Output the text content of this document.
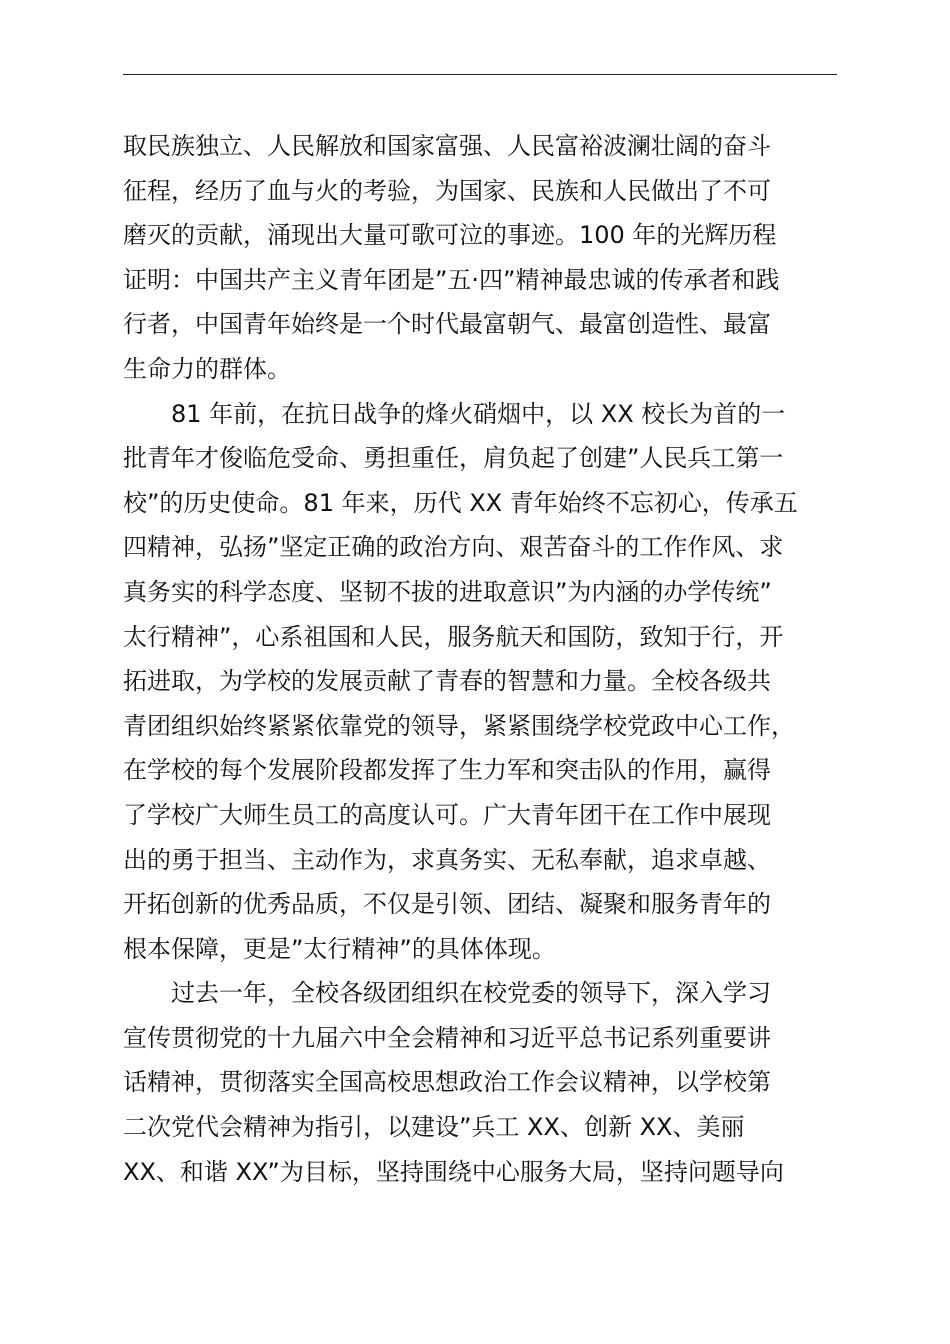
取民族独立、人民解放和国家富强、人民富裕波澜壮阔的奋斗
征程，经历了血与火的考验，为国家、民族和人民做出了不可
磨灭的贡献，涌现出大量可歌可泣的事迹。100 年的光辉历程
证明：中国共产主义青年团是”五·四”精神最忠诚的传承者和践
行者，中国青年始终是一个时代最富朝气、最富创造性、最富
生命力的群体。
81 年前，在抗日战争的烽火硝烟中，以 XX 校长为首的一
批青年才俊临危受命、勇担重任，肩负起了创建”人民兵工第一
校”的历史使命。81 年来，历代 XX 青年始终不忘初心，传承五
四精神，弘扬”坚定正确的政治方向、艰苦奋斗的工作作风、求
真务实的科学态度、坚韧不拔的进取意识”为内涵的办学传统”
太行精神”，心系祖国和人民，服务航天和国防，致知于行，开
拓进取，为学校的发展贡献了青春的智慧和力量。全校各级共
青团组织始终紧紧依靠党的领导，紧紧围绕学校党政中心工作，
在学校的每个发展阶段都发挥了生力军和突击队的作用，赢得
了学校广大师生员工的高度认可。广大青年团干在工作中展现
出的勇于担当、主动作为，求真务实、无私奉献，追求卓越、
开拓创新的优秀品质，不仅是引领、团结、凝聚和服务青年的
根本保障，更是”太行精神”的具体体现。
过去一年，全校各级团组织在校党委的领导下，深入学习
宣传贯彻党的十九届六中全会精神和习近平总书记系列重要讲
话精神，贯彻落实全国高校思想政治工作会议精神，以学校第
二次党代会精神为指引，以建设”兵工 XX、创新 XX、美丽
XX、和谐 XX”为目标，坚持围绕中心服务大局，坚持问题导向
